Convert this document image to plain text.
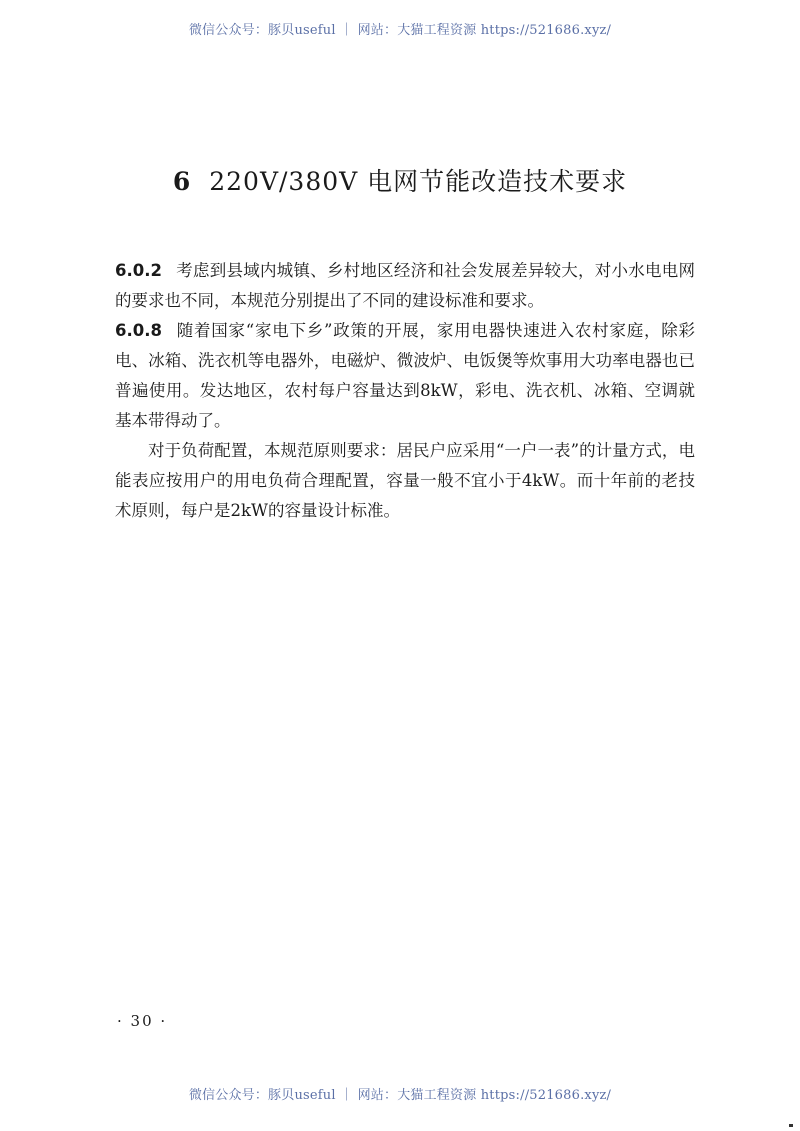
微信公众号：豚贝useful ｜ 网站：大猫工程资源 https://521686.xyz/
6 220V/380V 电网节能改造技术要求

6.0.2 考虑到县域内城镇、乡村地区经济和社会发展差异较大，对小水电电网的要求也不同，本规范分别提出了不同的建设标准和要求。

6.0.8 随着国家“家电下乡”政策的开展，家用电器快速进入农村家庭，除彩电、冰箱、洗衣机等电器外，电磁炉、微波炉、电饭煲等炊事用大功率电器也已普遍使用。发达地区，农村每户容量达到8kW，彩电、洗衣机、冰箱、空调就基本带得动了。

对于负荷配置，本规范原则要求：居民户应采用“一户一表”的计量方式，电能表应按用户的用电负荷合理配置，容量一般不宜小于4kW。而十年前的老技术原则，每户是2kW的容量设计标准。

· 30 ·
微信公众号：豚贝useful ｜ 网站：大猫工程资源 https://521686.xyz/
